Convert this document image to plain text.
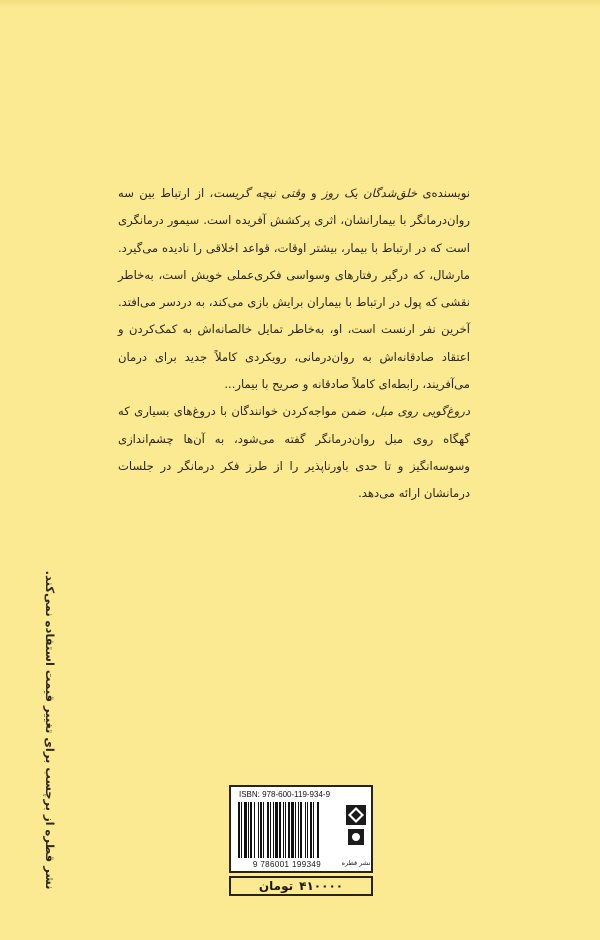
نویسنده‌ی خلق‌شدگان یک روز و وقتی نیچه گریست، از ارتباط بین سه روان‌درمانگر با بیمارانشان، اثری پرکشش آفریده است. سیمور درمانگری است که در ارتباط با بیمار، بیشتر اوقات، قواعد اخلاقی را نادیده می‌گیرد. مارشال، که درگیر رفتارهای وسواسی فکری‌عملی خویش است، به‌خاطر نقشی که پول در ارتباط با بیماران برایش بازی می‌کند، به دردسر می‌افتد. آخرین نفر ارنست است، او، به‌خاطر تمایل خالصانه‌اش به کمک‌کردن و اعتقاد صادقانه‌اش به روان‌درمانی، رویکردی کاملاً جدید برای درمان می‌آفریند، رابطه‌ای کاملاً صادقانه و صریح با بیمار...

دروغ‌گویی روی مبل، ضمن مواجه‌کردن خوانندگان با دروغ‌های بسیاری که گهگاه روی مبل روان‌درمانگر گفته می‌شود، به آن‌ها چشم‌اندازی وسوسه‌انگیز و تا حدی باورناپذیر را از طرز فکر درمانگر در جلسات درمانشان ارائه می‌دهد.

نشر قطره از برچسب برای تغییر قیمت استفاده نمی‌کند.	ISBN: 978-600-119-934-9
9 786001 199349	نشر قطره
۴۱۰۰۰۰
تومان
